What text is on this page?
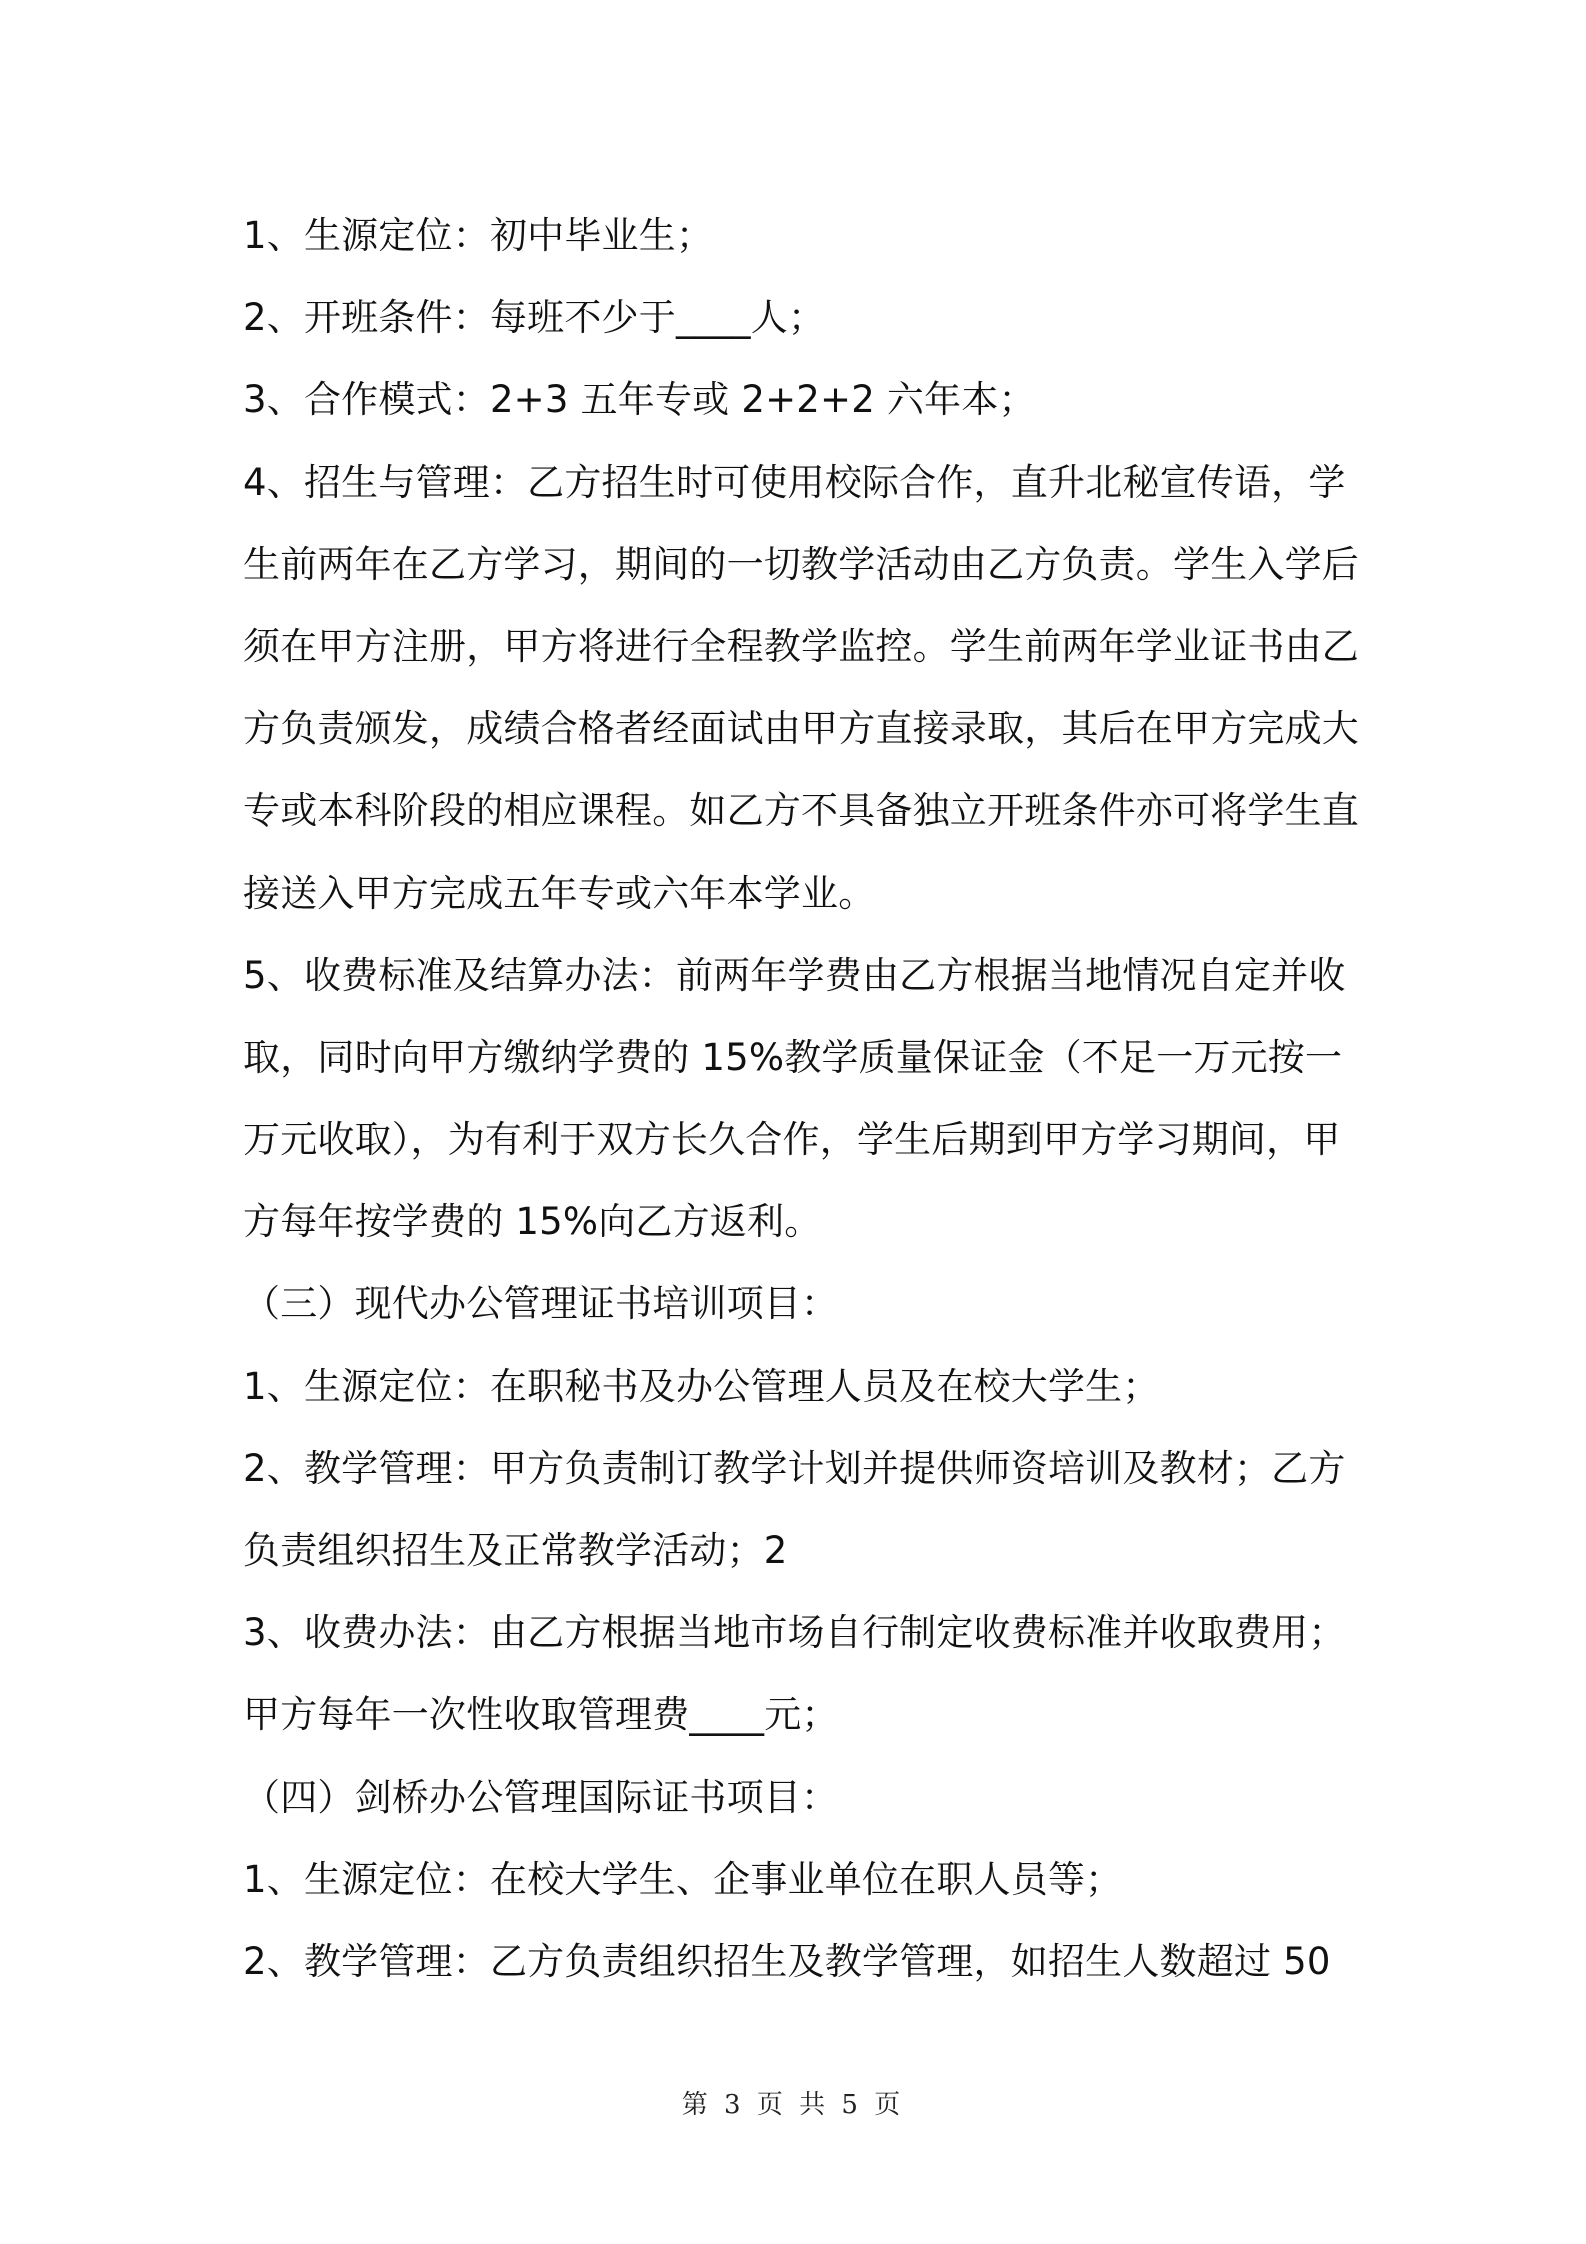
1、生源定位：初中毕业生；
2、开班条件：每班不少于____人；
3、合作模式：2+3 五年专或 2+2+2 六年本；
4、招生与管理：乙方招生时可使用校际合作，直升北秘宣传语，学
生前两年在乙方学习，期间的一切教学活动由乙方负责。学生入学后
须在甲方注册，甲方将进行全程教学监控。学生前两年学业证书由乙
方负责颁发，成绩合格者经面试由甲方直接录取，其后在甲方完成大
专或本科阶段的相应课程。如乙方不具备独立开班条件亦可将学生直
接送入甲方完成五年专或六年本学业。
5、收费标准及结算办法：前两年学费由乙方根据当地情况自定并收
取，同时向甲方缴纳学费的 15%教学质量保证金（不足一万元按一
万元收取），为有利于双方长久合作，学生后期到甲方学习期间，甲
方每年按学费的 15%向乙方返利。
（三）现代办公管理证书培训项目：
1、生源定位：在职秘书及办公管理人员及在校大学生；
2、教学管理：甲方负责制订教学计划并提供师资培训及教材；乙方
负责组织招生及正常教学活动；2
3、收费办法：由乙方根据当地市场自行制定收费标准并收取费用；
甲方每年一次性收取管理费____元；
（四）剑桥办公管理国际证书项目：
1、生源定位：在校大学生、企事业单位在职人员等；
2、教学管理：乙方负责组织招生及教学管理，如招生人数超过 50
第 3 页 共 5 页
